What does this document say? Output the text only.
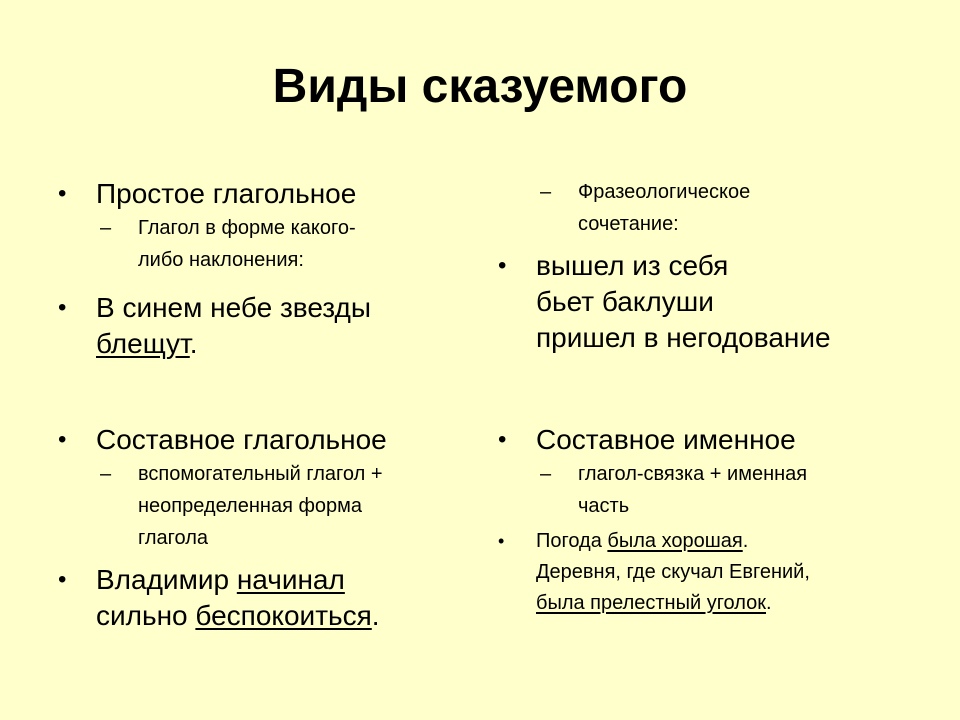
Виды сказуемого
• Простое глагольное
– Глагол в форме какого-
либо наклонения:
• В синем небе звезды
блещут.
• Составное глагольное
– вспомогательный глагол +
неопределенная форма
глагола
• Владимир начинал
сильно беспокоиться.
– Фразеологическое
сочетание:
• вышел из себя
бьет баклуши
пришел в негодование
• Составное именное
– глагол-связка + именная
часть
• Погода была хорошая.
Деревня, где скучал Евгений,
была прелестный уголок.
